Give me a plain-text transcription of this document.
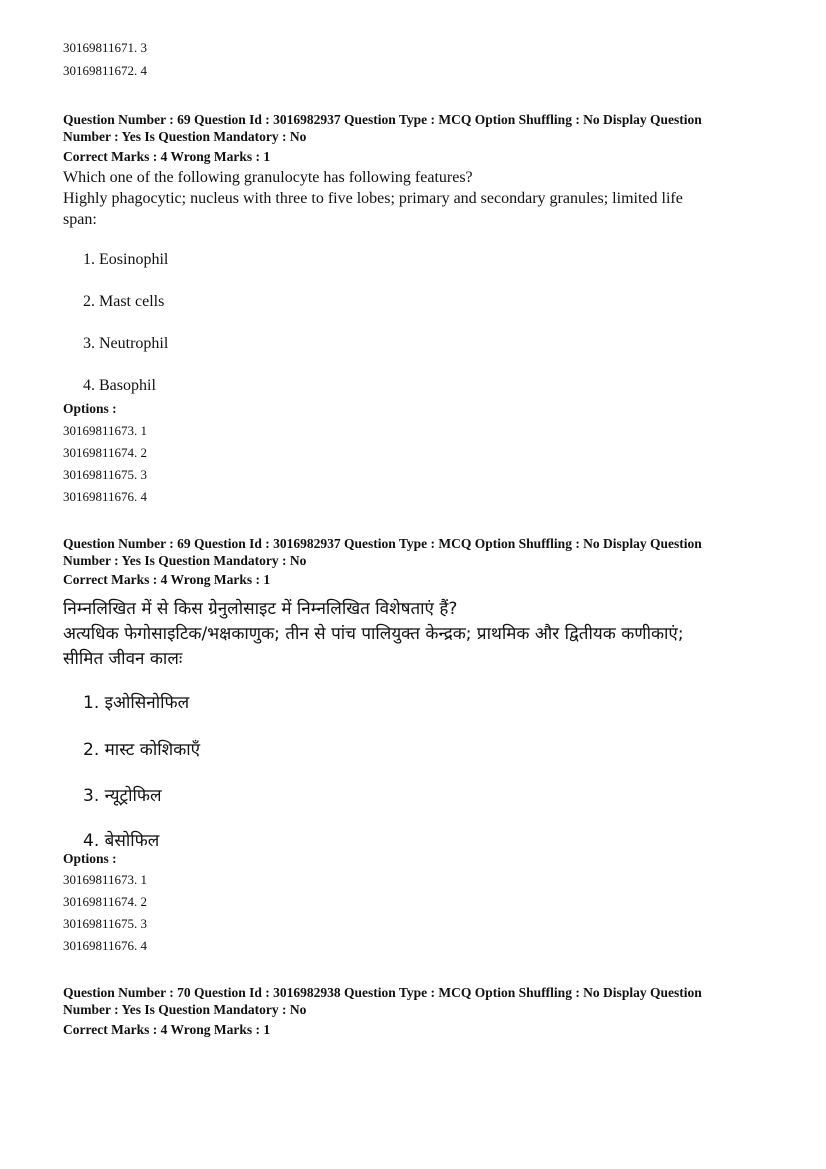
30169811671. 3
30169811672. 4
Question Number : 69 Question Id : 3016982937 Question Type : MCQ Option Shuffling : No Display Question
Number : Yes Is Question Mandatory : No
Correct Marks : 4 Wrong Marks : 1
Which one of the following granulocyte has following features?
Highly phagocytic; nucleus with three to five lobes; primary and secondary granules; limited life
span:
1. Eosinophil
2. Mast cells
3. Neutrophil
4. Basophil
Options :
30169811673. 1
30169811674. 2
30169811675. 3
30169811676. 4
Question Number : 69 Question Id : 3016982937 Question Type : MCQ Option Shuffling : No Display Question
Number : Yes Is Question Mandatory : No
Correct Marks : 4 Wrong Marks : 1
निम्नलिखित में से किस ग्रेनुलोसाइट में निम्नलिखित विशेषताएं हैं?
अत्यधिक फेगोसाइटिक/भक्षकाणुक; तीन से पांच पालियुक्त केन्द्रक; प्राथमिक और द्वितीयक कणीकाएं;
सीमित जीवन कालः
1. इओसिनोफिल
2. मास्ट कोशिकाएँ
3. न्यूट्रोफिल
4. बेसोफिल
Options :
30169811673. 1
30169811674. 2
30169811675. 3
30169811676. 4
Question Number : 70 Question Id : 3016982938 Question Type : MCQ Option Shuffling : No Display Question
Number : Yes Is Question Mandatory : No
Correct Marks : 4 Wrong Marks : 1
